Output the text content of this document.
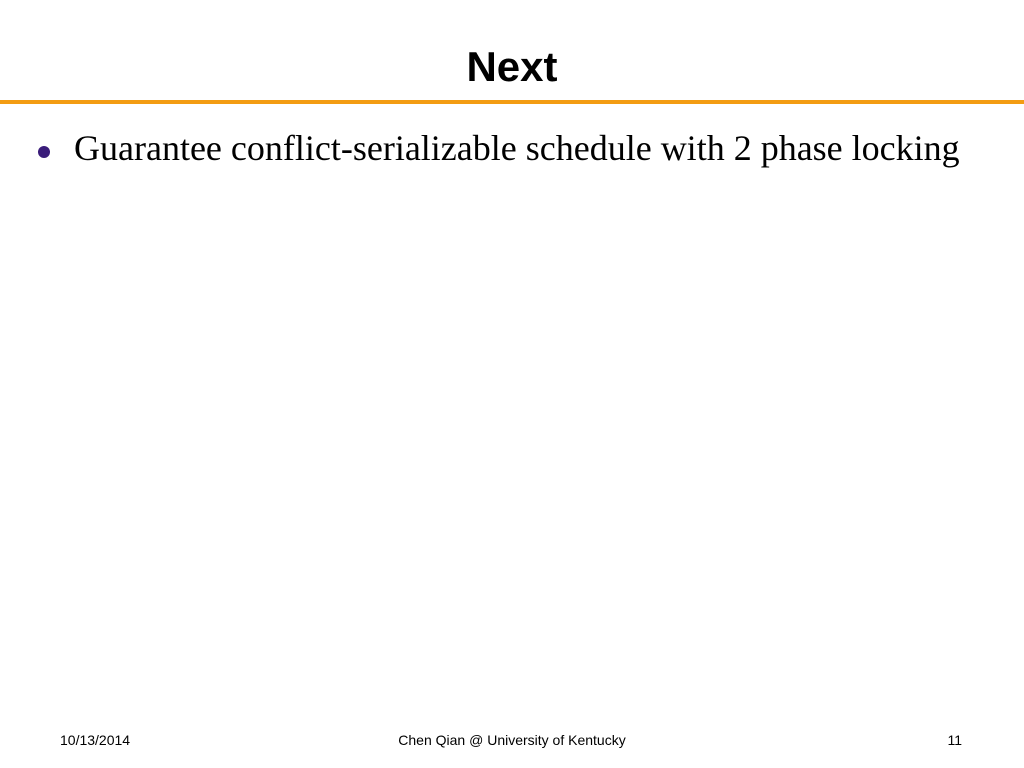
Next
Guarantee conflict-serializable schedule with 2 phase locking
10/13/2014	Chen Qian @ University of Kentucky	11
